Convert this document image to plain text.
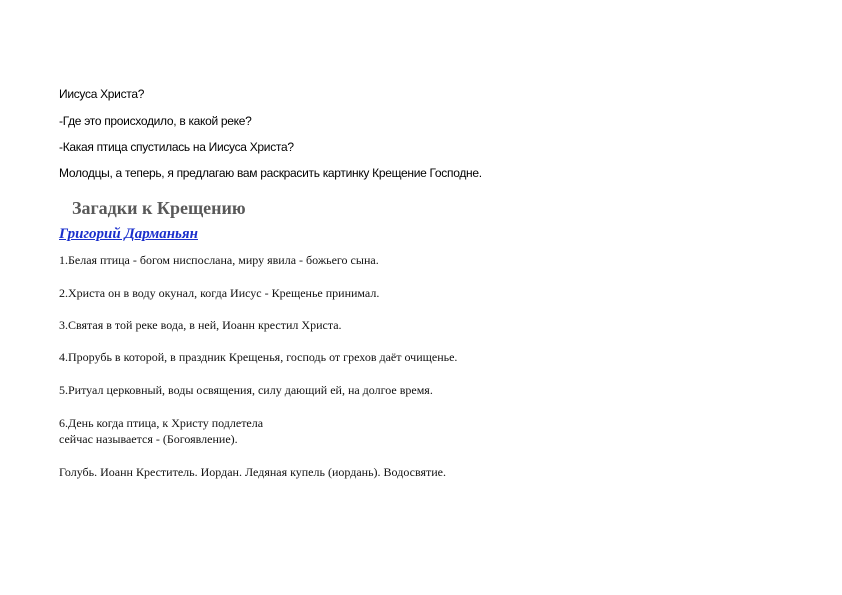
Иисуса Христа?
-Где это происходило, в какой реке?
-Какая птица спустилась на Иисуса Христа?
Молодцы, а теперь, я предлагаю вам раскрасить картинку Крещение Господне.
Загадки к Крещению
Григорий Дарманьян
1.Белая птица - богом ниспослана, миру явила - божьего сына.
2.Христа он в воду окунал, когда Иисус - Крещенье принимал.
3.Святая в той реке вода, в ней, Иоанн крестил Христа.
4.Прорубь в которой, в праздник Крещенья, господь от грехов даёт очищенье.
5.Ритуал церковный, воды освящения, силу дающий ей, на долгое время.
6.День когда птица, к Христу подлетела
сейчас называется - (Богоявление).
Голубь. Иоанн Креститель. Иордан. Ледяная купель (иордань). Водосвятие.
